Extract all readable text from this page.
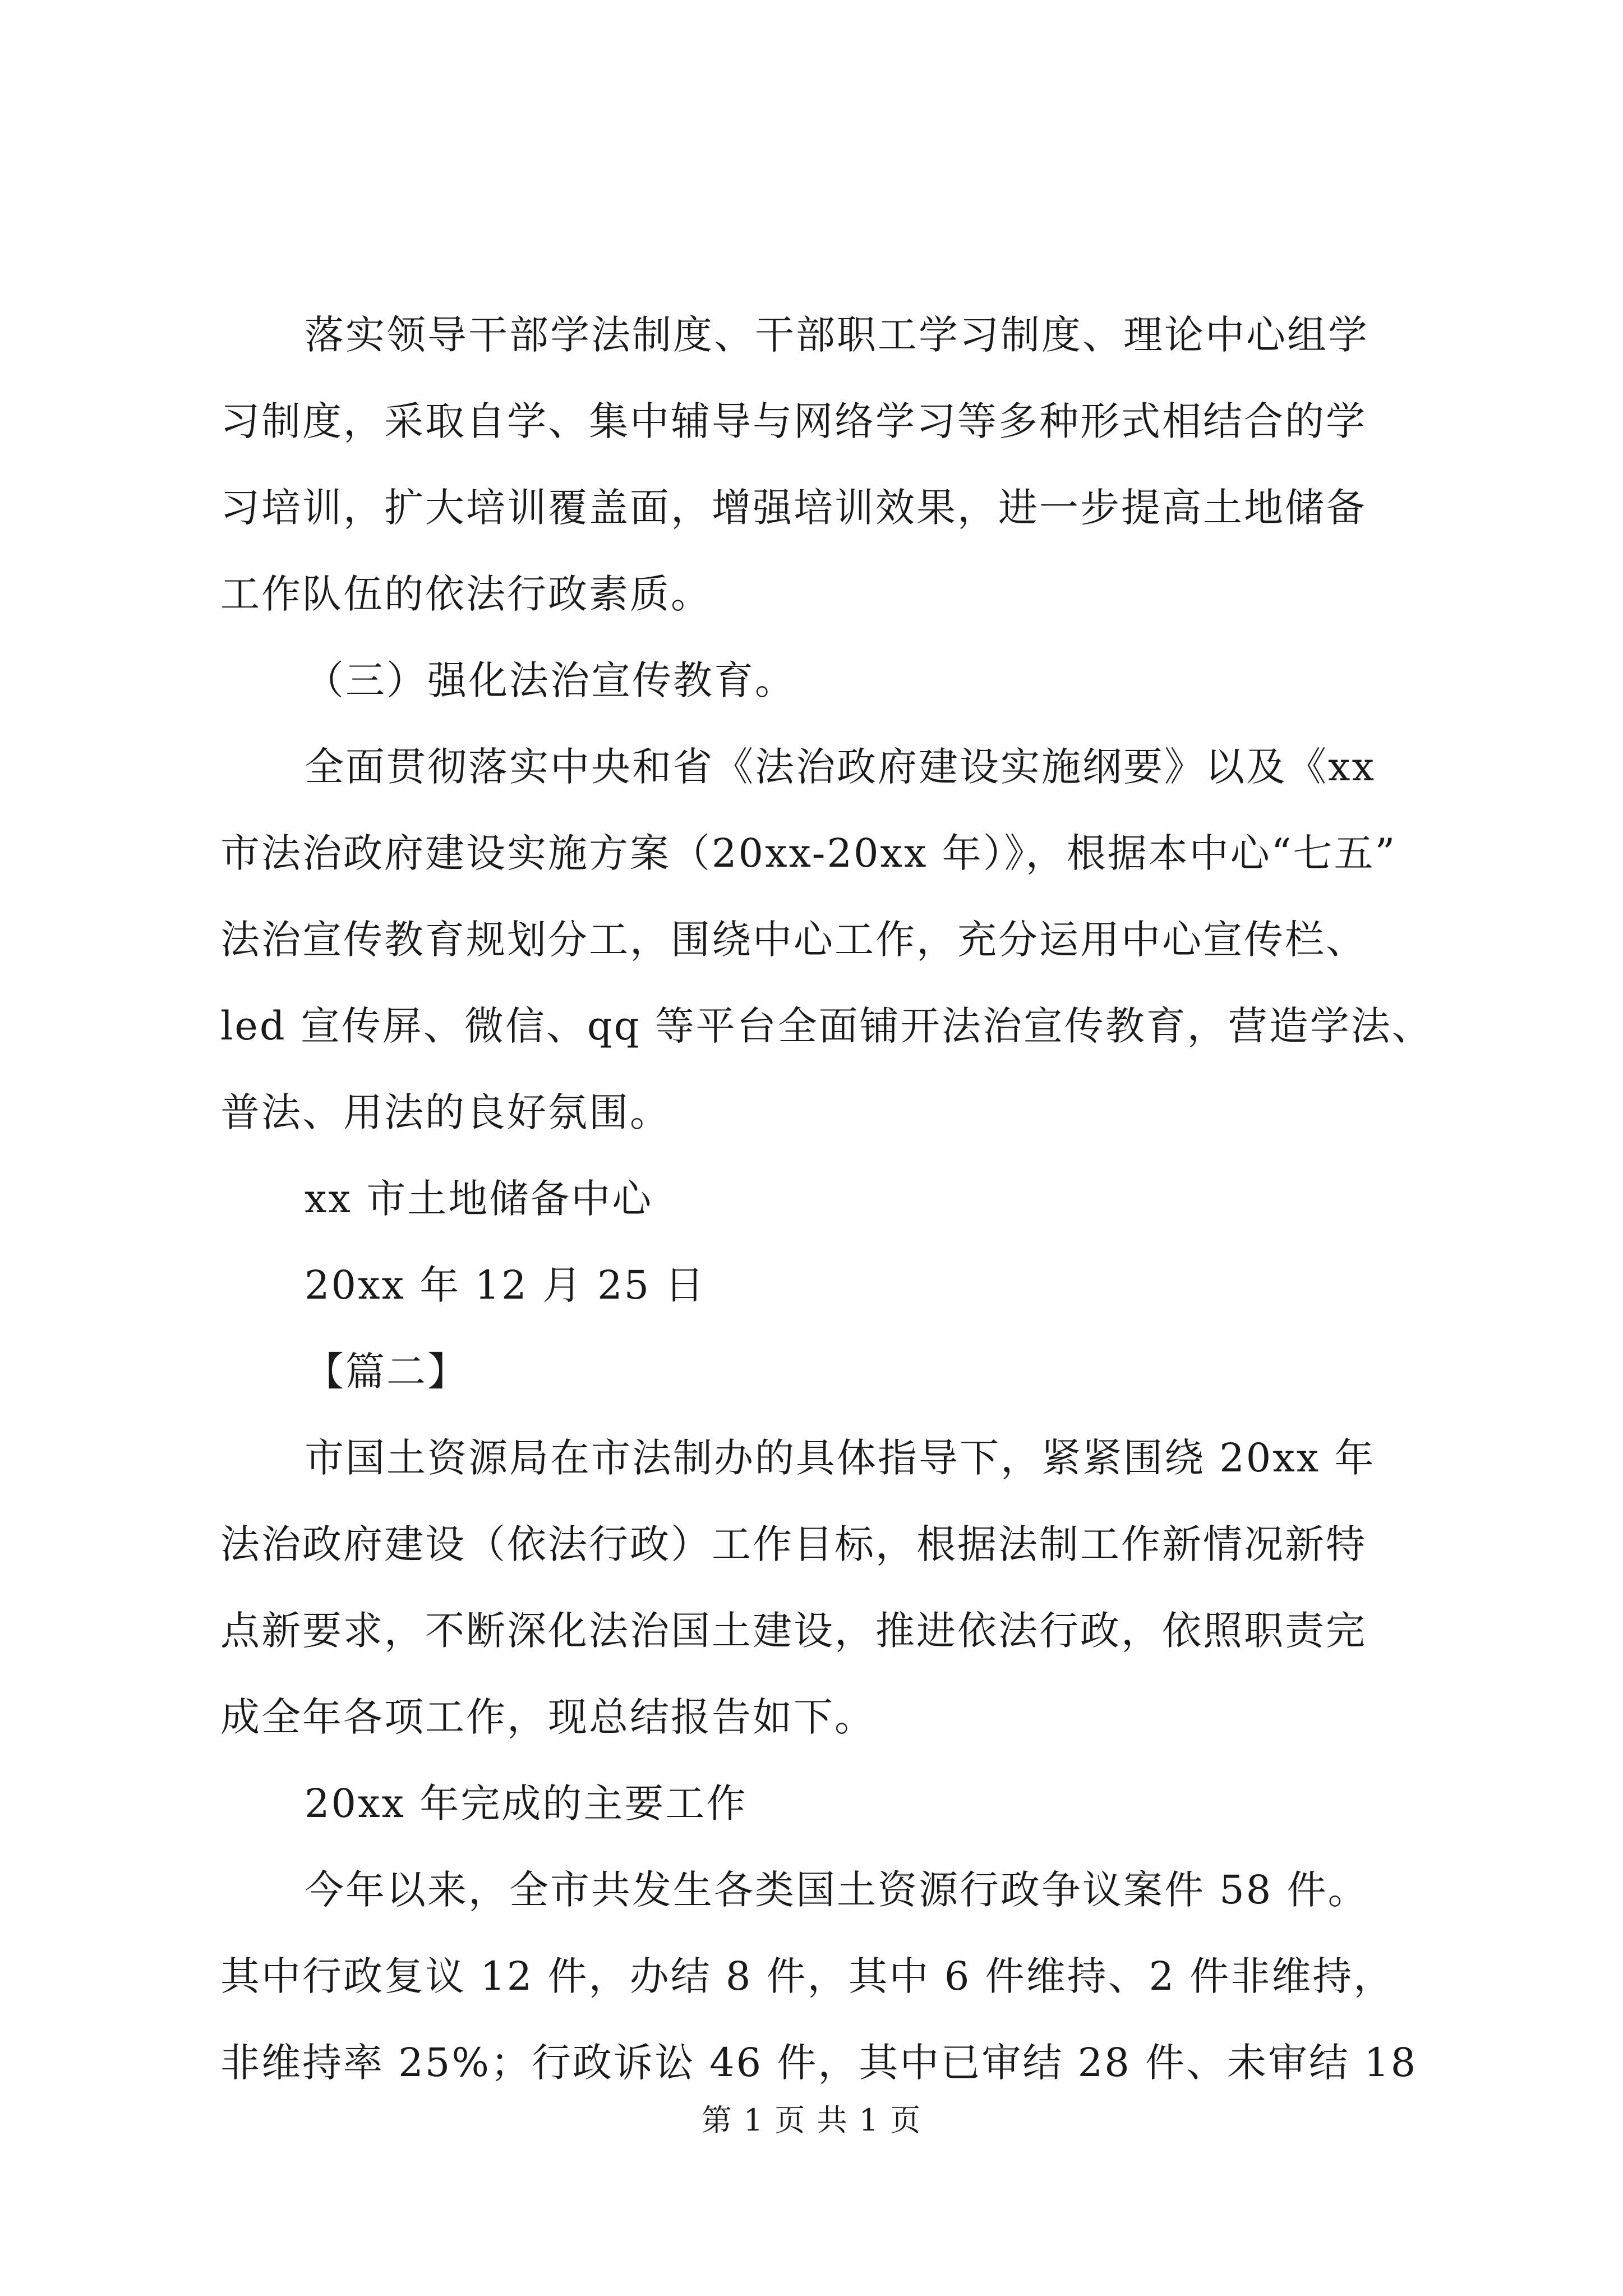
落实领导干部学法制度、干部职工学习制度、理论中心组学
习制度，采取自学、集中辅导与网络学习等多种形式相结合的学
习培训，扩大培训覆盖面，增强培训效果，进一步提高土地储备
工作队伍的依法行政素质。
（三）强化法治宣传教育。
全面贯彻落实中央和省《法治政府建设实施纲要》以及《xx
市法治政府建设实施方案（20xx-20xx 年）》，根据本中心“七五”
法治宣传教育规划分工，围绕中心工作，充分运用中心宣传栏、
led 宣传屏、微信、qq 等平台全面铺开法治宣传教育，营造学法、
普法、用法的良好氛围。
xx 市土地储备中心
20xx 年 12 月 25 日
【篇二】
市国土资源局在市法制办的具体指导下，紧紧围绕 20xx 年
法治政府建设（依法行政）工作目标，根据法制工作新情况新特
点新要求，不断深化法治国土建设，推进依法行政，依照职责完
成全年各项工作，现总结报告如下。
20xx 年完成的主要工作
今年以来，全市共发生各类国土资源行政争议案件 58 件。
其中行政复议 12 件，办结 8 件，其中 6 件维持、2 件非维持，
非维持率 25%；行政诉讼 46 件，其中已审结 28 件、未审结 18
第 1 页 共 1 页
